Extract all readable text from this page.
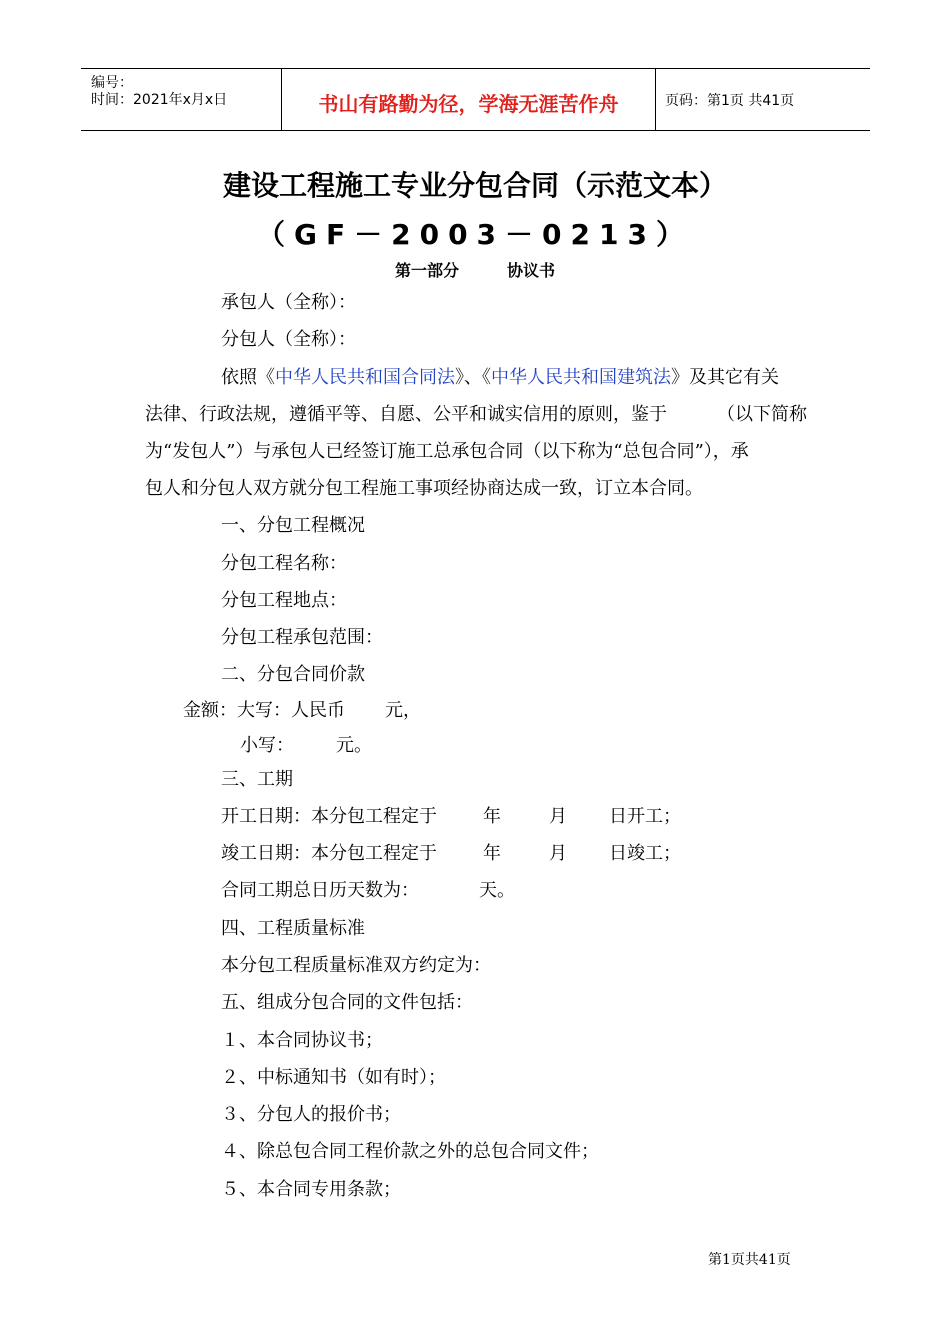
编号：
时间：2021年x月x日	书山有路勤为径，学海无涯苦作舟	页码：第1页 共41页
建设工程施工专业分包合同（示范文本）
（GF－2003－0213）
第一部分	协议书
承包人（全称）：
分包人（全称）：
依照《中华人民共和国合同法》、《中华人民共和国建筑法》及其它有关
法律、行政法规，遵循平等、自愿、公平和诚实信用的原则，鉴于	（以下简称
为“发包人”）与承包人已经签订施工总承包合同（以下称为“总包合同”），承
包人和分包人双方就分包工程施工事项经协商达成一致，订立本合同。
一、分包工程概况
分包工程名称：
分包工程地点：
分包工程承包范围：
二、分包合同价款
金额：大写：人民币 元，
小写： 元。
三、工期
开工日期：本分包工程定于	年	月 日开工；
竣工日期：本分包工程定于	年	月 日竣工；
合同工期总日历天数为：	天。
四、工程质量标准
本分包工程质量标准双方约定为：
五、组成分包合同的文件包括：
１、本合同协议书；
２、中标通知书（如有时）；
３、分包人的报价书；
４、除总包合同工程价款之外的总包合同文件；
５、本合同专用条款；
第1页共41页
